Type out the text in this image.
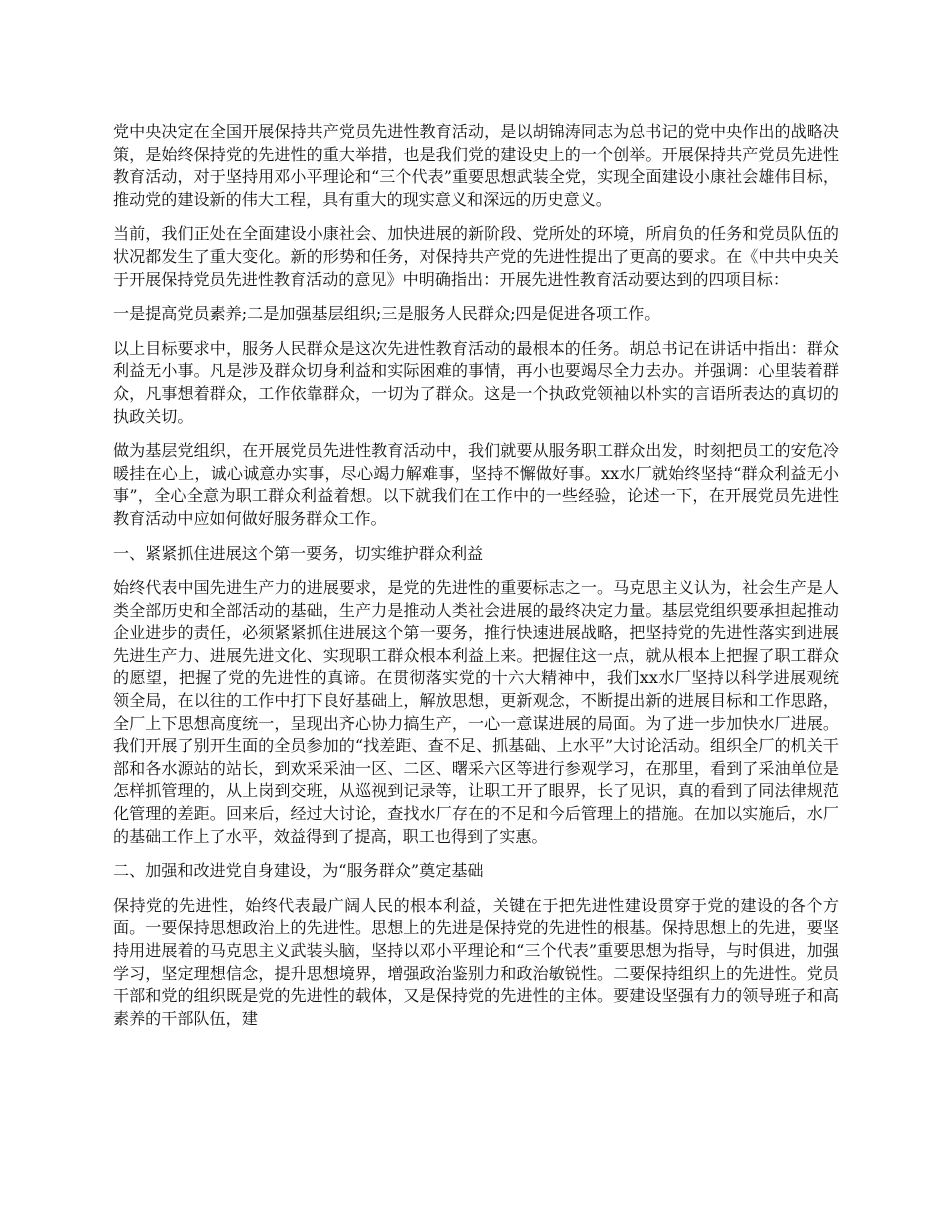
党中央决定在全国开展保持共产党员先进性教育活动，是以胡锦涛同志为总书记的党中央作出的战略决策，是始终保持党的先进性的重大举措，也是我们党的建设史上的一个创举。开展保持共产党员先进性教育活动，对于坚持用邓小平理论和“三个代表”重要思想武装全党，实现全面建设小康社会雄伟目标，推动党的建设新的伟大工程，具有重大的现实意义和深远的历史意义。

当前，我们正处在全面建设小康社会、加快进展的新阶段、党所处的环境，所肩负的任务和党员队伍的状况都发生了重大变化。新的形势和任务，对保持共产党的先进性提出了更高的要求。在《中共中央关于开展保持党员先进性教育活动的意见》中明确指出：开展先进性教育活动要达到的四项目标：

一是提高党员素养;二是加强基层组织;三是服务人民群众;四是促进各项工作。

以上目标要求中，服务人民群众是这次先进性教育活动的最根本的任务。胡总书记在讲话中指出：群众利益无小事。凡是涉及群众切身利益和实际困难的事情，再小也要竭尽全力去办。并强调：心里装着群众，凡事想着群众，工作依靠群众，一切为了群众。这是一个执政党领袖以朴实的言语所表达的真切的执政关切。

做为基层党组织，在开展党员先进性教育活动中，我们就要从服务职工群众出发，时刻把员工的安危冷暖挂在心上，诚心诚意办实事，尽心竭力解难事，坚持不懈做好事。xx水厂就始终坚持“群众利益无小事”，全心全意为职工群众利益着想。以下就我们在工作中的一些经验，论述一下，在开展党员先进性教育活动中应如何做好服务群众工作。

一、紧紧抓住进展这个第一要务，切实维护群众利益

始终代表中国先进生产力的进展要求，是党的先进性的重要标志之一。马克思主义认为，社会生产是人类全部历史和全部活动的基础，生产力是推动人类社会进展的最终决定力量。基层党组织要承担起推动企业进步的责任，必须紧紧抓住进展这个第一要务，推行快速进展战略，把坚持党的先进性落实到进展先进生产力、进展先进文化、实现职工群众根本利益上来。把握住这一点，就从根本上把握了职工群众的愿望，把握了党的先进性的真谛。在贯彻落实党的十六大精神中，我们xx水厂坚持以科学进展观统领全局，在以往的工作中打下良好基础上，解放思想，更新观念，不断提出新的进展目标和工作思路，全厂上下思想高度统一，呈现出齐心协力搞生产，一心一意谋进展的局面。为了进一步加快水厂进展。我们开展了别开生面的全员参加的“找差距、查不足、抓基础、上水平”大讨论活动。组织全厂的机关干部和各水源站的站长，到欢采采油一区、二区、曙采六区等进行参观学习，在那里，看到了采油单位是怎样抓管理的，从上岗到交班，从巡视到记录等，让职工开了眼界，长了见识，真的看到了同法律规范化管理的差距。回来后，经过大讨论，查找水厂存在的不足和今后管理上的措施。在加以实施后，水厂的基础工作上了水平，效益得到了提高，职工也得到了实惠。

二、加强和改进党自身建设，为“服务群众”奠定基础

保持党的先进性，始终代表最广阔人民的根本利益，关键在于把先进性建设贯穿于党的建设的各个方面。一要保持思想政治上的先进性。思想上的先进是保持党的先进性的根基。保持思想上的先进，要坚持用进展着的马克思主义武装头脑，坚持以邓小平理论和“三个代表”重要思想为指导，与时俱进，加强学习，坚定理想信念，提升思想境界，增强政治鉴别力和政治敏锐性。二要保持组织上的先进性。党员干部和党的组织既是党的先进性的载体，又是保持党的先进性的主体。要建设坚强有力的领导班子和高素养的干部队伍，建
